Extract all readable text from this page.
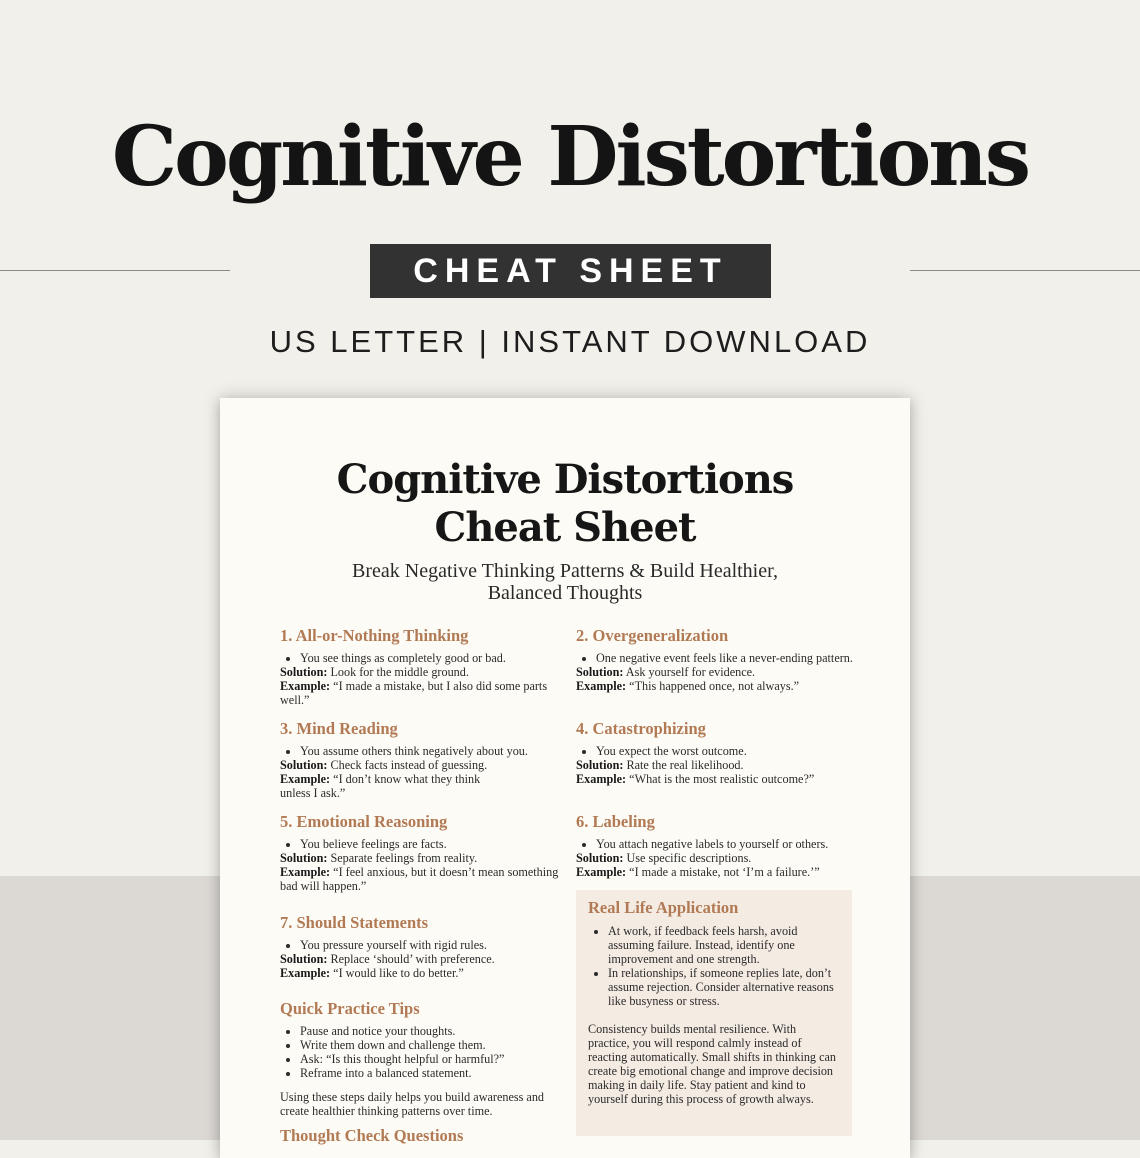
Cognitive Distortions
CHEAT SHEET
US LETTER | INSTANT DOWNLOAD
Cognitive Distortions
Cheat Sheet
Break Negative Thinking Patterns & Build Healthier,
Balanced Thoughts
1. All-or-Nothing Thinking
• You see things as completely good or bad.

Solution: Look for the middle ground.

Example: “I made a mistake, but I also did some parts well.”

2. Overgeneralization
• One negative event feels like a never-ending pattern.

Solution: Ask yourself for evidence.

Example: “This happened once, not always.”

3. Mind Reading
• You assume others think negatively about you.

Solution: Check facts instead of guessing.

Example: “I don’t know what they think unless I ask.”

4. Catastrophizing
• You expect the worst outcome.

Solution: Rate the real likelihood.

Example: “What is the most realistic outcome?”

5. Emotional Reasoning
• You believe feelings are facts.

Solution: Separate feelings from reality.

Example: “I feel anxious, but it doesn’t mean something bad will happen.”

6. Labeling
• You attach negative labels to yourself or others.

Solution: Use specific descriptions.

Example: “I made a mistake, not ‘I’m a failure.’”

7. Should Statements
• You pressure yourself with rigid rules.

Solution: Replace ‘should’ with preference.

Example: “I would like to do better.”

Quick Practice Tips
• Pause and notice your thoughts.
• Write them down and challenge them.
• Ask: “Is this thought helpful or harmful?”
• Reframe into a balanced statement.

Using these steps daily helps you build awareness and create healthier thinking patterns over time.

Thought Check Questions
Real Life Application
• At work, if feedback feels harsh, avoid assuming failure. Instead, identify one improvement and one strength.
• In relationships, if someone replies late, don’t assume rejection. Consider alternative reasons like busyness or stress.

Consistency builds mental resilience. With practice, you will respond calmly instead of reacting automatically. Small shifts in thinking can create big emotional change and improve decision making in daily life. Stay patient and kind to yourself during this process of growth always.
